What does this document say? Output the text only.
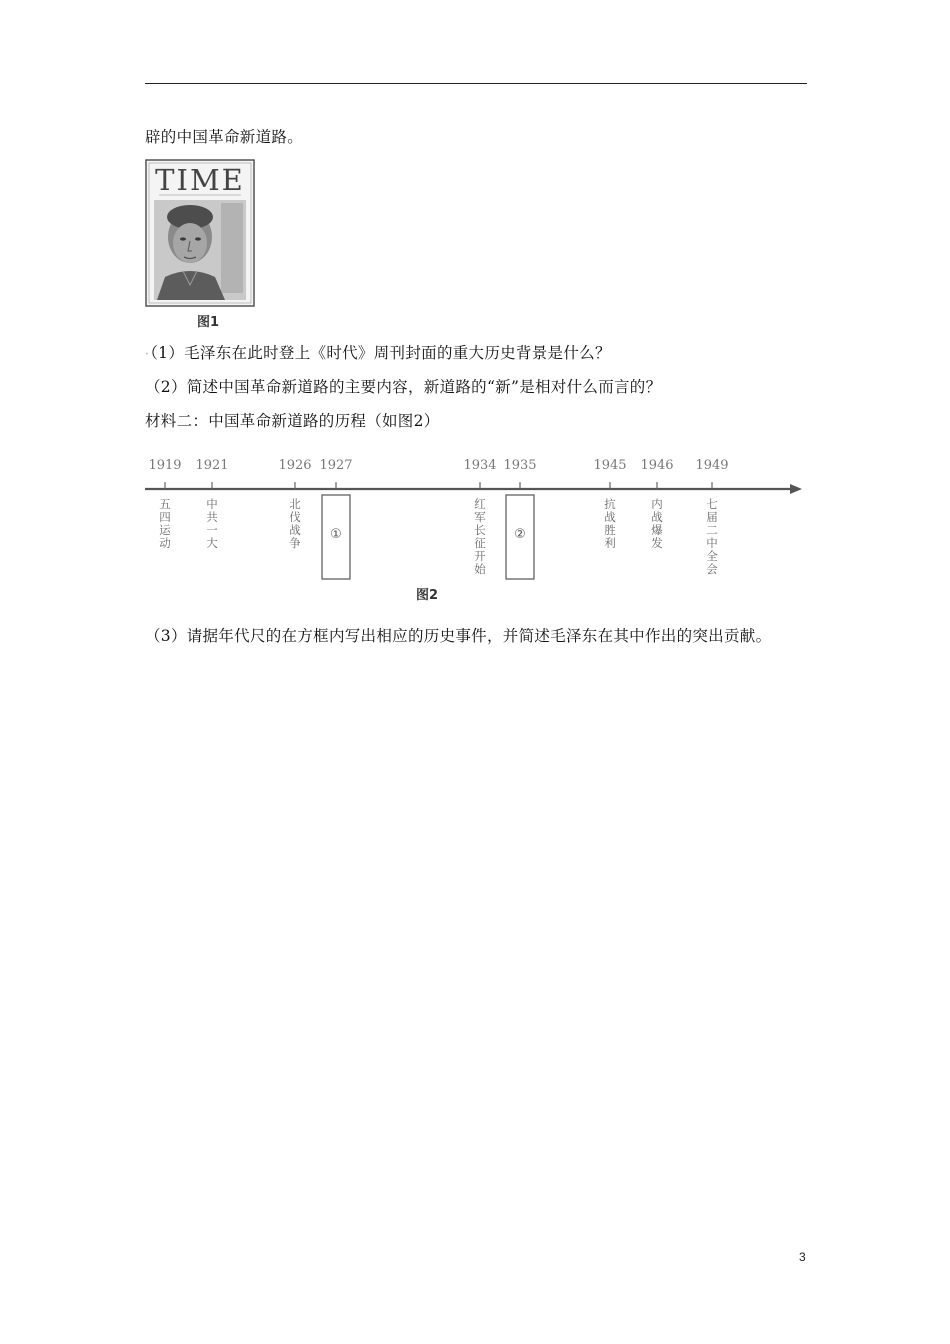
辟的中国革命新道路。
TIME
图1
·（1）毛泽东在此时登上《时代》周刊封面的重大历史背景是什么？
（2）简述中国革命新道路的主要内容，新道路的“新”是相对什么而言的？
材料二：中国革命新道路的历程（如图2）
1919 1921	1926 1927	1934 1935	1945 1946 1949
五四运动
中共一大
北伐战争
①
红军长征开始
②
抗战胜利
内战爆发
七届二中全会
图2
（3）请据年代尺的在方框内写出相应的历史事件，并简述毛泽东在其中作出的突出贡献。
3
